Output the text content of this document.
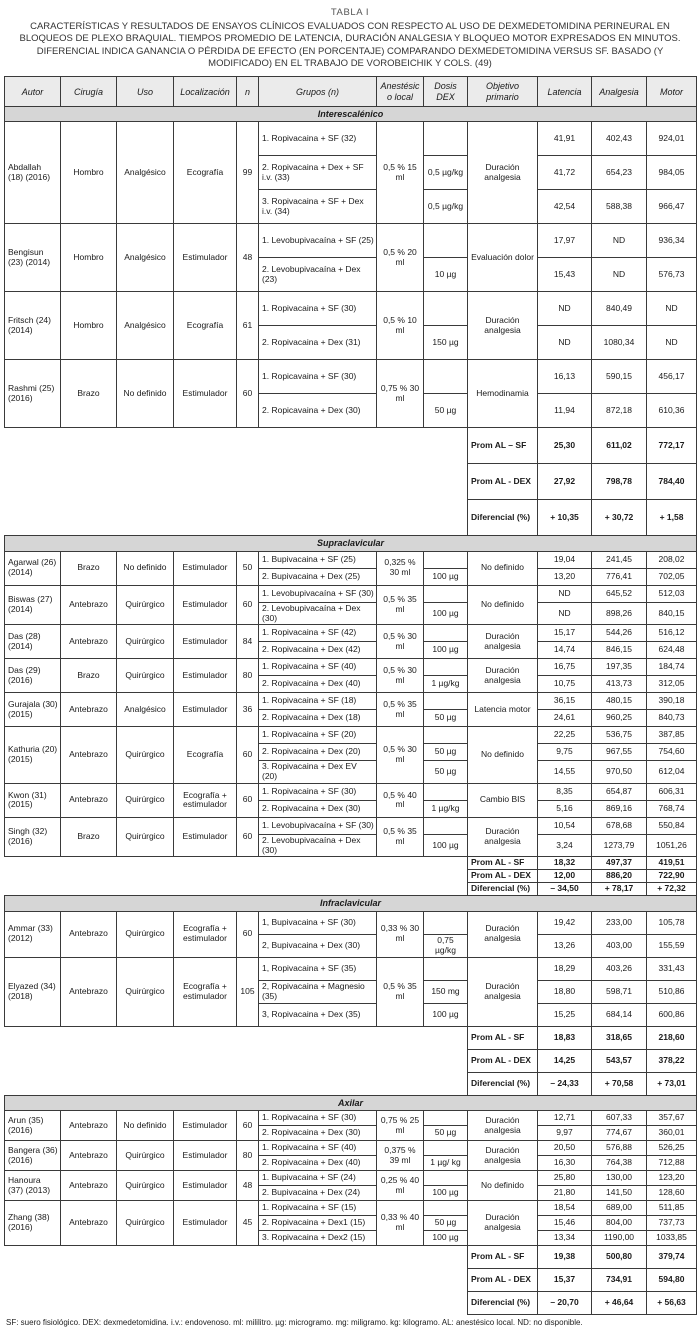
TABLA I
CARACTERÍSTICAS Y RESULTADOS DE ENSAYOS CLÍNICOS EVALUADOS CON RESPECTO AL USO DE DEXMEDETOMIDINA PERINEURAL EN BLOQUEOS DE PLEXO BRAQUIAL. TIEMPOS PROMEDIO DE LATENCIA, DURACIÓN ANALGESIA Y BLOQUEO MOTOR EXPRESADOS EN MINUTOS. DIFERENCIAL INDICA GANANCIA O PÉRDIDA DE EFECTO (EN PORCENTAJE) COMPARANDO DEXMEDETOMIDINA VERSUS SF. BASADO (Y MODIFICADO) EN EL TRABAJO DE VOROBEICHIK Y COLS. (49)
Autor	Cirugía	Uso	Localización	n	Grupos (n)	Anestésico local	Dosis DEX	Objetivo primario	Latencia	Analgesia	Motor
Interescalénico											
Abdallah (18) (2016)	Hombro	Analgésico	Ecografía	99	1. Ropivacaina + SF (32)	0,5 % 15 ml		Duración analgesia	41,91	402,43	924,01
					2. Ropivacaina + Dex + SF i.v. (33)		0,5 µg/kg		41,72	654,23	984,05
					3. Ropivacaina + SF + Dex i.v. (34)		0,5 µg/kg		42,54	588,38	966,47
Bengisun (23) (2014)	Hombro	Analgésico	Estimulador	48	1. Levobupivacaína + SF (25)	0,5 % 20 ml		Evaluación dolor	17,97	ND	936,34
					2. Levobupivacaína + Dex (23)		10 µg		15,43	ND	576,73
Fritsch (24) (2014)	Hombro	Analgésico	Ecografía	61	1. Ropivacaina + SF (30)	0,5 % 10 ml		Duración analgesia	ND	840,49	ND
					2. Ropivacaina + Dex (31)		150 µg		ND	1080,34	ND
Rashmi (25) (2016)	Brazo	No definido	Estimulador	60	1. Ropicavaina + SF (30)	0,75 % 30 ml		Hemodinamia	16,13	590,15	456,17
					2. Ropicavaina + Dex (30)		50 µg		11,94	872,18	610,36
								Prom AL – SF	25,30	611,02	772,17
								Prom AL - DEX	27,92	798,78	784,40
								Diferencial (%)	+ 10,35	+ 30,72	+ 1,58
Supraclavicular											
Agarwal (26) (2014)	Brazo	No definido	Estimulador	50	1. Bupivacaina + SF (25)	0,325 % 30 ml		No definido	19,04	241,45	208,02
					2. Bupivacaina + Dex (25)		100 µg		13,20	776,41	702,05
Biswas (27) (2014)	Antebrazo	Quirúrgico	Estimulador	60	1. Levobupivacaína + SF (30)	0,5 % 35 ml		No definido	ND	645,52	512,03
					2. Levobupivacaína + Dex (30)		100 µg		ND	898,26	840,15
Das (28) (2014)	Antebrazo	Quirúrgico	Estimulador	84	1. Ropivacaina + SF (42)	0,5 % 30 ml		Duración analgesia	15,17	544,26	516,12
					2. Ropivacaina + Dex (42)		100 µg		14,74	846,15	624,48
Das (29) (2016)	Brazo	Quirúrgico	Estimulador	80	1. Ropivacaina + SF (40)	0,5 % 30 ml		Duración analgesia	16,75	197,35	184,74
					2. Ropivacaina + Dex (40)		1 µg/kg		10,75	413,73	312,05
Gurajala (30) (2015)	Antebrazo	Analgésico	Estimulador	36	1. Ropivacaina + SF (18)	0,5 % 35 ml		Latencia motor	36,15	480,15	390,18
					2. Ropivacaina + Dex (18)		50 µg		24,61	960,25	840,73
Kathuria (20) (2015)	Antebrazo	Quirúrgico	Ecografía	60	1. Ropivacaina + SF (20)	0,5 % 30 ml		No definido	22,25	536,75	387,85
					2. Ropivacaina + Dex (20)		50 µg		9,75	967,55	754,60
					3. Ropivacaina + Dex EV (20)		50 µg		14,55	970,50	612,04
Kwon (31) (2015)	Antebrazo	Quirúrgico	Ecografía + estimulador	60	1. Ropivacaina + SF (30)	0,5 % 40 ml		Cambio BIS	8,35	654,87	606,31
					2. Ropivacaina + Dex (30)		1 µg/kg		5,16	869,16	768,74
Singh (32) (2016)	Brazo	Quirúrgico	Estimulador	60	1. Levobupivacaína + SF (30)	0,5 % 35 ml		Duración analgesia	10,54	678,68	550,84
					2. Levobupivacaína + Dex (30)		100 µg		3,24	1273,79	1051,26
								Prom AL - SF	18,32	497,37	419,51
								Prom AL - DEX	12,00	886,20	722,90
								Diferencial (%)	– 34,50	+ 78,17	+ 72,32
Infraclavicular											
Ammar (33) (2012)	Antebrazo	Quirúrgico	Ecografía + estimulador	60	1, Bupivacaina + SF (30)	0,33 % 30 ml		Duración analgesia	19,42	233,00	105,78
					2, Bupivacaina + Dex (30)		0,75 µg/kg		13,26	403,00	155,59
Elyazed (34) (2018)	Antebrazo	Quirúrgico	Ecografía + estimulador	105	1, Ropivacaina + SF (35)	0,5 % 35 ml		Duración analgesia	18,29	403,26	331,43
					2, Ropivacaina + Magnesio (35)		150 mg		18,80	598,71	510,86
					3, Ropivacaina + Dex (35)		100 µg		15,25	684,14	600,86
								Prom AL - SF	18,83	318,65	218,60
								Prom AL - DEX	14,25	543,57	378,22
								Diferencial (%)	– 24,33	+ 70,58	+ 73,01
Axilar											
Arun (35) (2016)	Antebrazo	No definido	Estimulador	60	1. Ropivacaina + SF (30)	0,75 % 25 ml		Duración analgesia	12,71	607,33	357,67
					2. Ropivacaina + Dex (30)		50 µg		9,97	774,67	360,01
Bangera (36) (2016)	Antebrazo	Quirúrgico	Estimulador	80	1. Ropivacaina + SF (40)	0,375 % 39 ml		Duración analgesia	20,50	576,88	526,25
					2. Ropivacaina + Dex (40)		1 µg/ kg		16,30	764,38	712,88
Hanoura (37) (2013)	Antebrazo	Quirúrgico	Estimulador	48	1. Bupivacaina + SF (24)	0,25 % 40 ml		No definido	25,80	130,00	123,20
					2. Bupivacaina + Dex (24)		100 µg		21,80	141,50	128,60
Zhang (38) (2016)	Antebrazo	Quirúrgico	Estimulador	45	1. Ropivacaina + SF (15)	0,33 % 40 ml		Duración analgesia	18,54	689,00	511,85
					2. Ropivacaina + Dex1 (15)		50 µg		15,46	804,00	737,73
					3. Ropivacaina + Dex2 (15)		100 µg		13,34	1190,00	1033,85
								Prom AL - SF	19,38	500,80	379,74
								Prom AL - DEX	15,37	734,91	594,80
								Diferencial (%)	– 20,70	+ 46,64	+ 56,63
SF: suero fisiológico. DEX: dexmedetomidina. i.v.: endovenoso. ml: mililitro. µg: microgramo. mg: miligramo. kg: kilogramo. AL: anestésico local. ND: no disponible.
